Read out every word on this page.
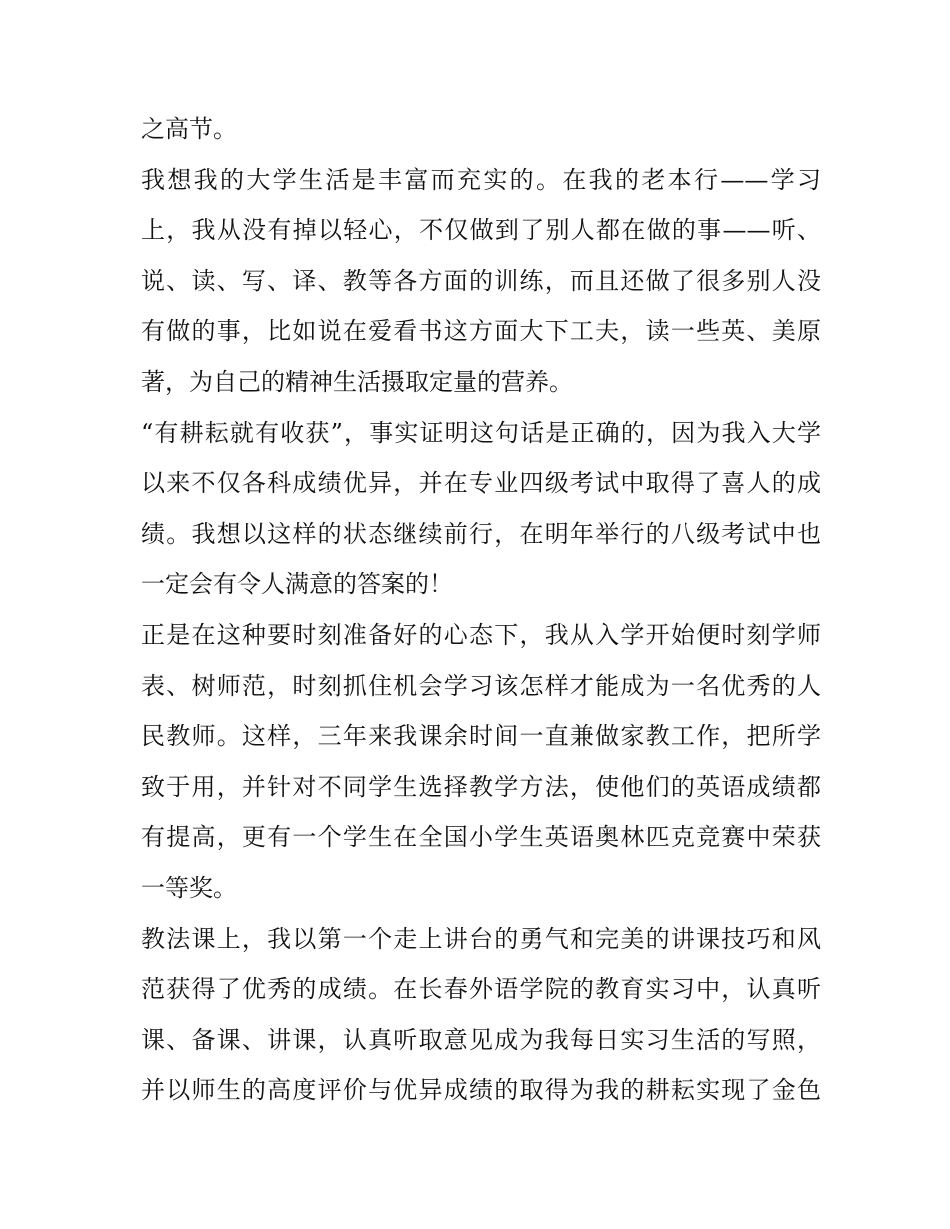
之高节。
我想我的大学生活是丰富而充实的。在我的老本行——学习
上，我从没有掉以轻心，不仅做到了别人都在做的事——听、
说、读、写、译、教等各方面的训练，而且还做了很多别人没
有做的事，比如说在爱看书这方面大下工夫，读一些英、美原
著，为自己的精神生活摄取定量的营养。
“有耕耘就有收获”，事实证明这句话是正确的，因为我入大学
以来不仅各科成绩优异，并在专业四级考试中取得了喜人的成
绩。我想以这样的状态继续前行，在明年举行的八级考试中也
一定会有令人满意的答案的！
正是在这种要时刻准备好的心态下，我从入学开始便时刻学师
表、树师范，时刻抓住机会学习该怎样才能成为一名优秀的人
民教师。这样，三年来我课余时间一直兼做家教工作，把所学
致于用，并针对不同学生选择教学方法，使他们的英语成绩都
有提高，更有一个学生在全国小学生英语奥林匹克竞赛中荣获
一等奖。
教法课上，我以第一个走上讲台的勇气和完美的讲课技巧和风
范获得了优秀的成绩。在长春外语学院的教育实习中，认真听
课、备课、讲课，认真听取意见成为我每日实习生活的写照，
并以师生的高度评价与优异成绩的取得为我的耕耘实现了金色
